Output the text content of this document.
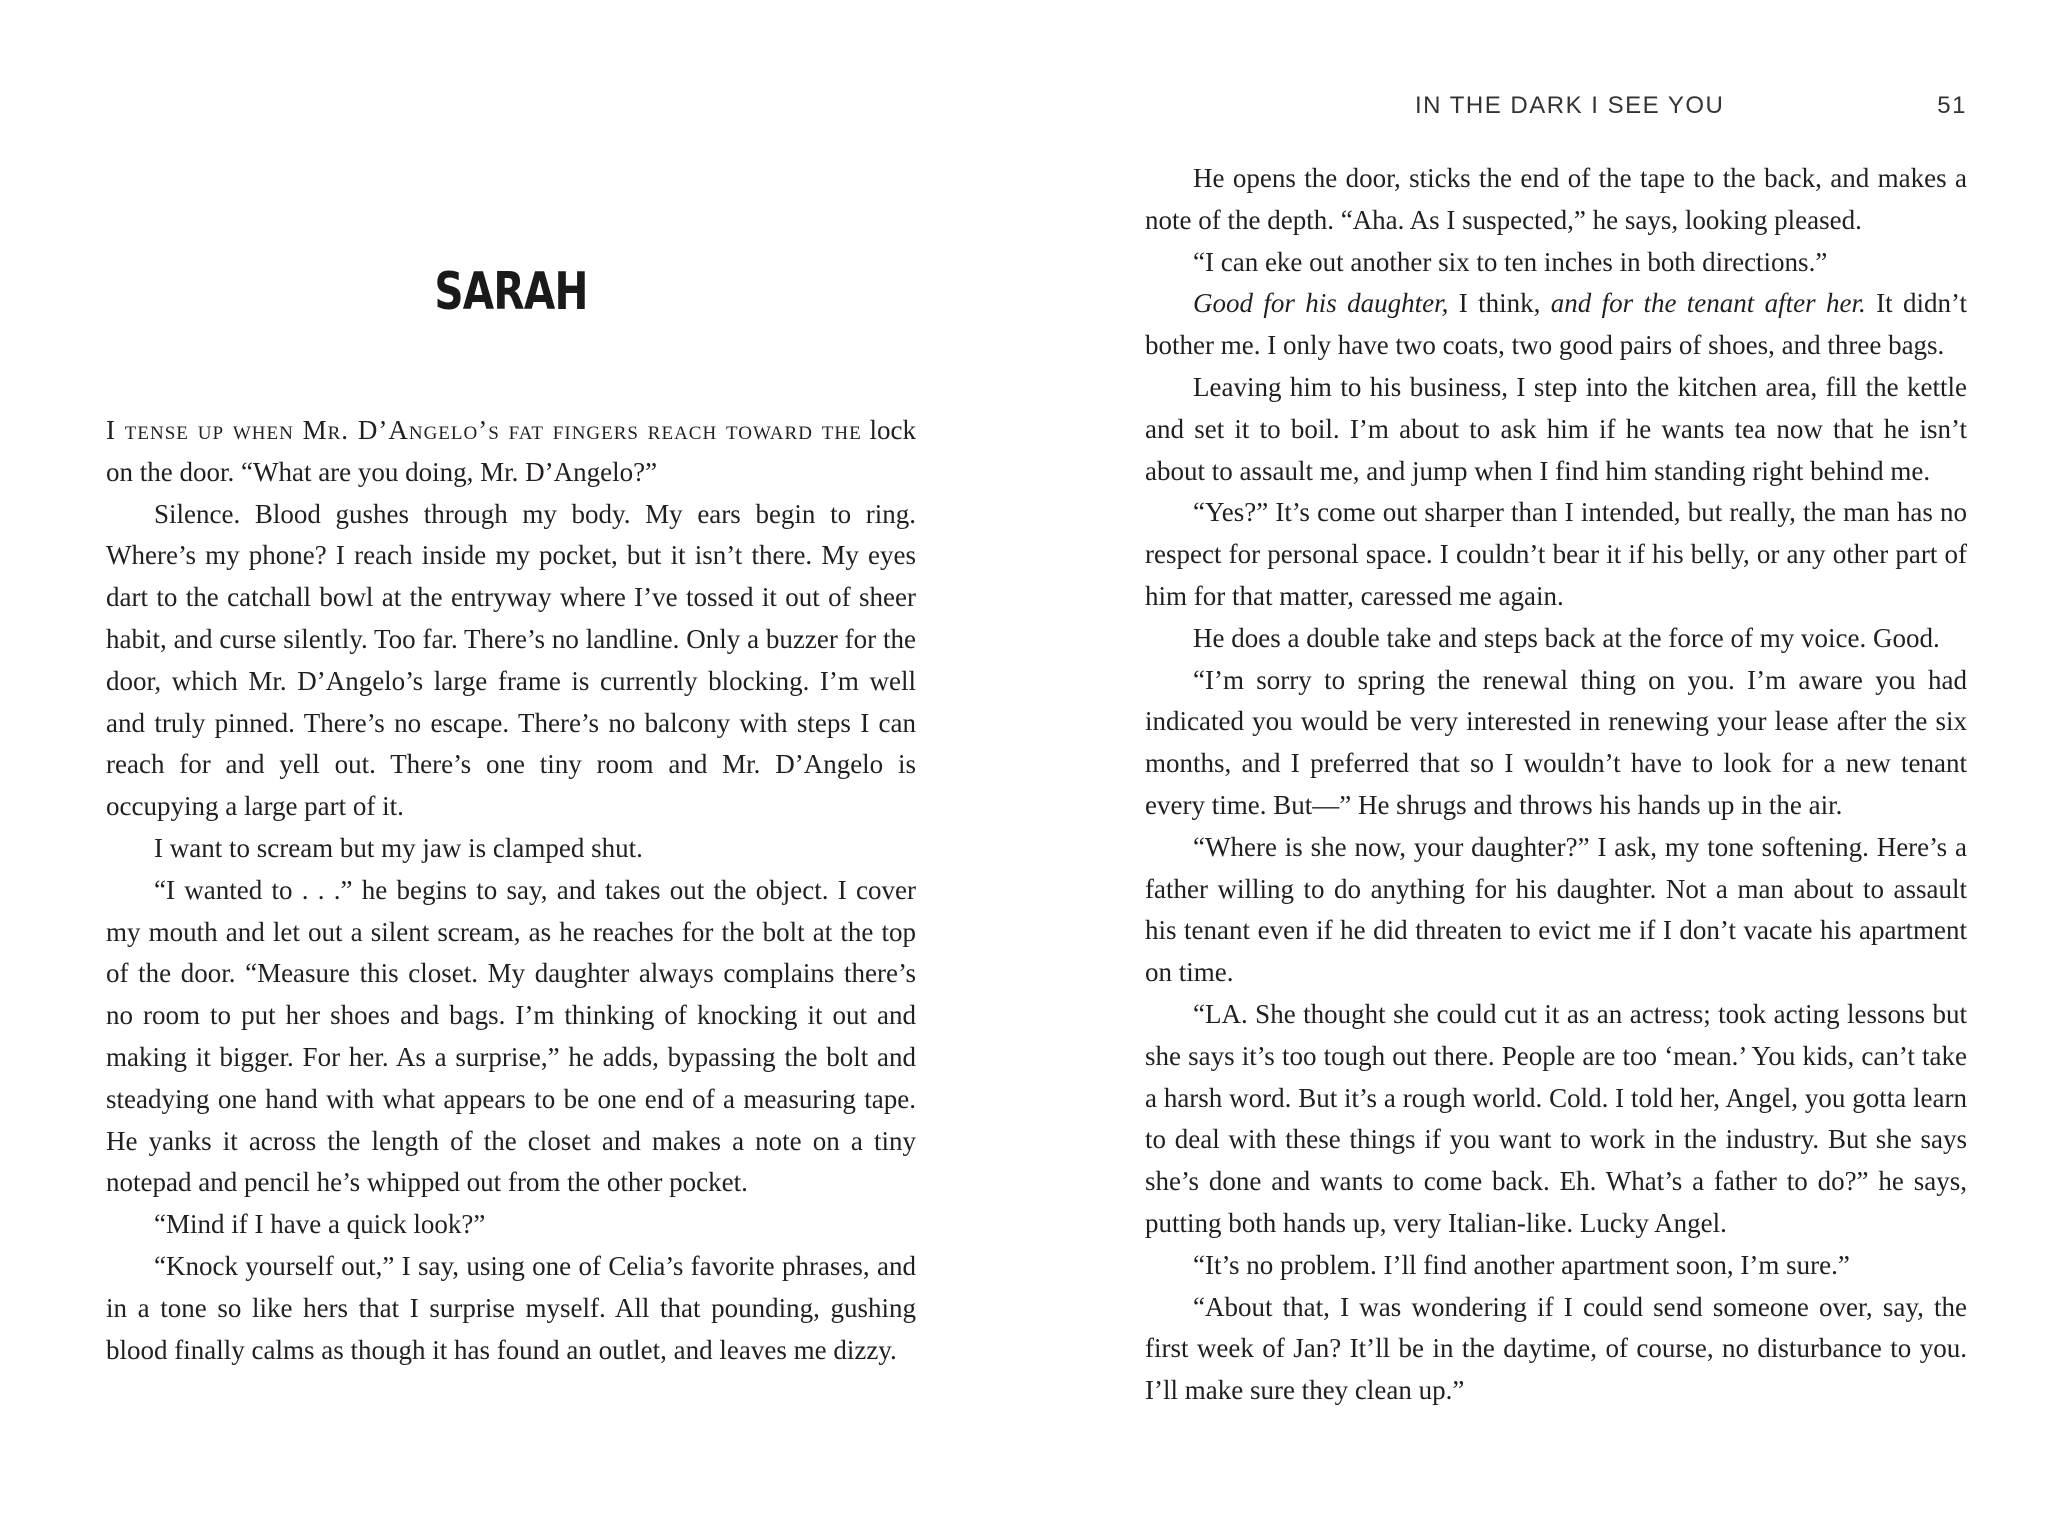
SARAH

I tense up when Mr. D’Angelo’s fat fingers reach toward the lock on the door. “What are you doing, Mr. D’Angelo?”

Silence. Blood gushes through my body. My ears begin to ring. Where’s my phone? I reach inside my pocket, but it isn’t there. My eyes dart to the catchall bowl at the entryway where I’ve tossed it out of sheer habit, and curse silently. Too far. There’s no landline. Only a buzzer for the door, which Mr. D’Angelo’s large frame is currently blocking. I’m well and truly pinned. There’s no escape. There’s no balcony with steps I can reach for and yell out. There’s one tiny room and Mr. D’Angelo is occupying a large part of it.

I want to scream but my jaw is clamped shut.

“I wanted to . . .” he begins to say, and takes out the object. I cover my mouth and let out a silent scream, as he reaches for the bolt at the top of the door. “Measure this closet. My daughter always complains there’s no room to put her shoes and bags. I’m thinking of knocking it out and making it bigger. For her. As a surprise,” he adds, bypassing the bolt and steadying one hand with what appears to be one end of a measuring tape. He yanks it across the length of the closet and makes a note on a tiny notepad and pencil he’s whipped out from the other pocket.

“Mind if I have a quick look?”

“Knock yourself out,” I say, using one of Celia’s favorite phrases, and in a tone so like hers that I surprise myself. All that pounding, gushing blood finally calms as though it has found an outlet, and leaves me dizzy.

IN THE DARK I SEE YOU	51

He opens the door, sticks the end of the tape to the back, and makes a note of the depth. “Aha. As I suspected,” he says, looking pleased.

“I can eke out another six to ten inches in both directions.”

Good for his daughter, I think, and for the tenant after her. It didn’t bother me. I only have two coats, two good pairs of shoes, and three bags.

Leaving him to his business, I step into the kitchen area, fill the kettle and set it to boil. I’m about to ask him if he wants tea now that he isn’t about to assault me, and jump when I find him standing right behind me.

“Yes?” It’s come out sharper than I intended, but really, the man has no respect for personal space. I couldn’t bear it if his belly, or any other part of him for that matter, caressed me again.

He does a double take and steps back at the force of my voice. Good.

“I’m sorry to spring the renewal thing on you. I’m aware you had indicated you would be very interested in renewing your lease after the six months, and I preferred that so I wouldn’t have to look for a new tenant every time. But—” He shrugs and throws his hands up in the air.

“Where is she now, your daughter?” I ask, my tone softening. Here’s a father willing to do anything for his daughter. Not a man about to assault his tenant even if he did threaten to evict me if I don’t vacate his apartment on time.

“LA. She thought she could cut it as an actress; took acting lessons but she says it’s too tough out there. People are too ‘mean.’ You kids, can’t take a harsh word. But it’s a rough world. Cold. I told her, Angel, you gotta learn to deal with these things if you want to work in the industry. But she says she’s done and wants to come back. Eh. What’s a father to do?” he says, putting both hands up, very Italian-like. Lucky Angel.

“It’s no problem. I’ll find another apartment soon, I’m sure.”

“About that, I was wondering if I could send someone over, say, the first week of Jan? It’ll be in the daytime, of course, no disturbance to you. I’ll make sure they clean up.”
